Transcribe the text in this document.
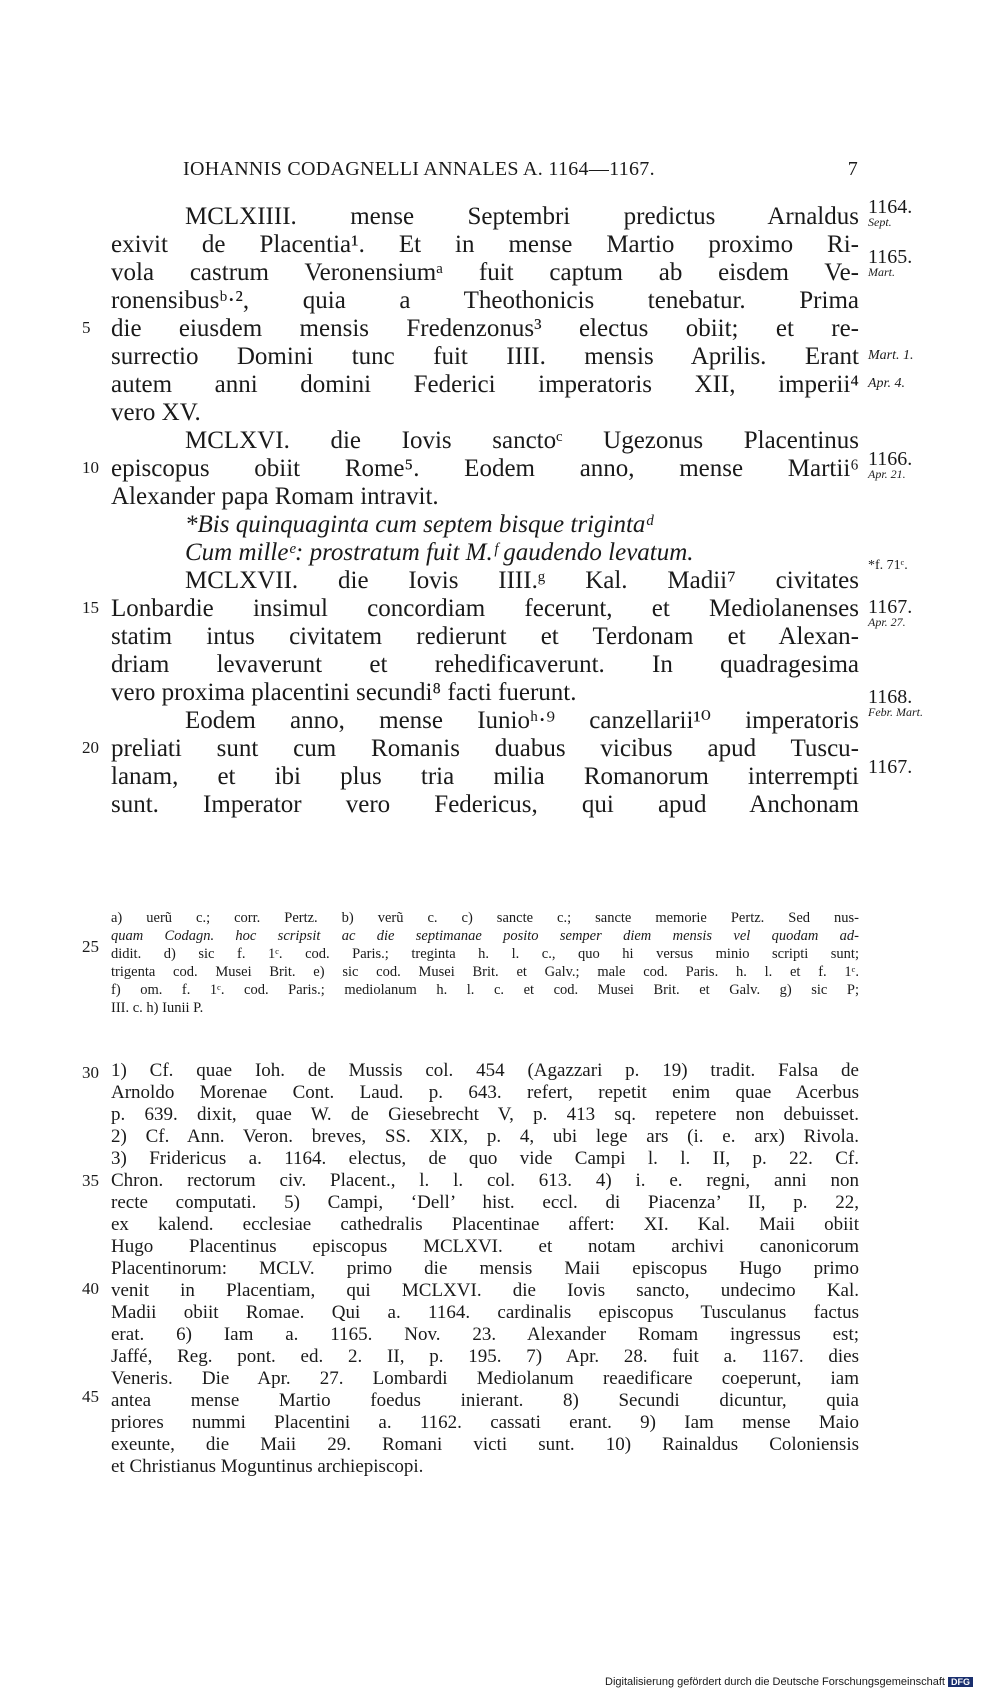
IOHANNIS CODAGNELLI ANNALES A. 1164—1167.	7
MCLXIIII. mense Septembri predictus Arnaldus
exivit de Placentia¹. Et in mense Martio proximo Ri-
vola castrum Veronensiumᵃ fuit captum ab eisdem Ve-
ronensibusᵇ·², quia a Theothonicis tenebatur. Prima
die eiusdem mensis Fredenzonus³ electus obiit; et re-
surrectio Domini tunc fuit IIII. mensis Aprilis. Erant
autem anni domini Federici imperatoris XII, imperii⁴
vero XV.
MCLXVI. die Iovis sanctoᶜ Ugezonus Placentinus
episcopus obiit Rome⁵. Eodem anno, mense Martii⁶
Alexander papa Romam intravit.
*Bis quinquaginta cum septem bisque trigintaᵈ
Cum milleᵉ: prostratum fuit M.ᶠ gaudendo levatum.
MCLXVII. die Iovis IIII.ᵍ Kal. Madii⁷ civitates
Lonbardie insimul concordiam fecerunt, et Mediolanenses
statim intus civitatem redierunt et Terdonam et Alexan-
driam levaverunt et rehedificaverunt. In quadragesima
vero proxima placentini secundi⁸ facti fuerunt.
Eodem anno, mense Iunioʰ·⁹ canzellarii¹⁰ imperatoris
preliati sunt cum Romanis duabus vicibus apud Tuscu-
lanam, et ibi plus tria milia Romanorum interrempti
sunt. Imperator vero Federicus, qui apud Anchonam
5
10
15
20
25
30
35
40
45
1164.
Sept.
1165.
Mart.
Mart. 1.
Apr. 4.
1166.
Apr. 21.
*f. 71ᶜ.
1167.
Apr. 27.
1168.
Febr. Mart.
1167.
a) uerũ c.; corr. Pertz. b) verũ c. c) sancte c.; sancte memorie Pertz. Sed nus-
quam Codagn. hoc scripsit ac die septimanae posito semper diem mensis vel quodam ad-
didit. d) sic f. 1ᶜ. cod. Paris.; treginta h. l. c., quo hi versus minio scripti sunt;
trigenta cod. Musei Brit. e) sic cod. Musei Brit. et Galv.; male cod. Paris. h. l. et f. 1ᶜ.
f) om. f. 1ᶜ. cod. Paris.; mediolanum h. l. c. et cod. Musei Brit. et Galv. g) sic P;
III. c. h) Iunii P.
1) Cf. quae Ioh. de Mussis col. 454 (Agazzari p. 19) tradit. Falsa de
Arnoldo Morenae Cont. Laud. p. 643. refert, repetit enim quae Acerbus
p. 639. dixit, quae W. de Giesebrecht V, p. 413 sq. repetere non debuisset.
2) Cf. Ann. Veron. breves, SS. XIX, p. 4, ubi lege ars (i. e. arx) Rivola.
3) Fridericus a. 1164. electus, de quo vide Campi l. l. II, p. 22. Cf.
Chron. rectorum civ. Placent., l. l. col. 613. 4) i. e. regni, anni non
recte computati. 5) Campi, ‘Dell’ hist. eccl. di Piacenza’ II, p. 22,
ex kalend. ecclesiae cathedralis Placentinae affert: XI. Kal. Maii obiit
Hugo Placentinus episcopus MCLXVI. et notam archivi canonicorum
Placentinorum: MCLV. primo die mensis Maii episcopus Hugo primo
venit in Placentiam, qui MCLXVI. die Iovis sancto, undecimo Kal.
Madii obiit Romae. Qui a. 1164. cardinalis episcopus Tusculanus factus
erat. 6) Iam a. 1165. Nov. 23. Alexander Romam ingressus est;
Jaffé, Reg. pont. ed. 2. II, p. 195. 7) Apr. 28. fuit a. 1167. dies
Veneris. Die Apr. 27. Lombardi Mediolanum reaedificare coeperunt, iam
antea mense Martio foedus inierant. 8) Secundi dicuntur, quia
priores nummi Placentini a. 1162. cassati erant. 9) Iam mense Maio
exeunte, die Maii 29. Romani victi sunt. 10) Rainaldus Coloniensis
et Christianus Moguntinus archiepiscopi.
Digitalisierung gefördert durch die Deutsche Forschungsgemeinschaft DFG
